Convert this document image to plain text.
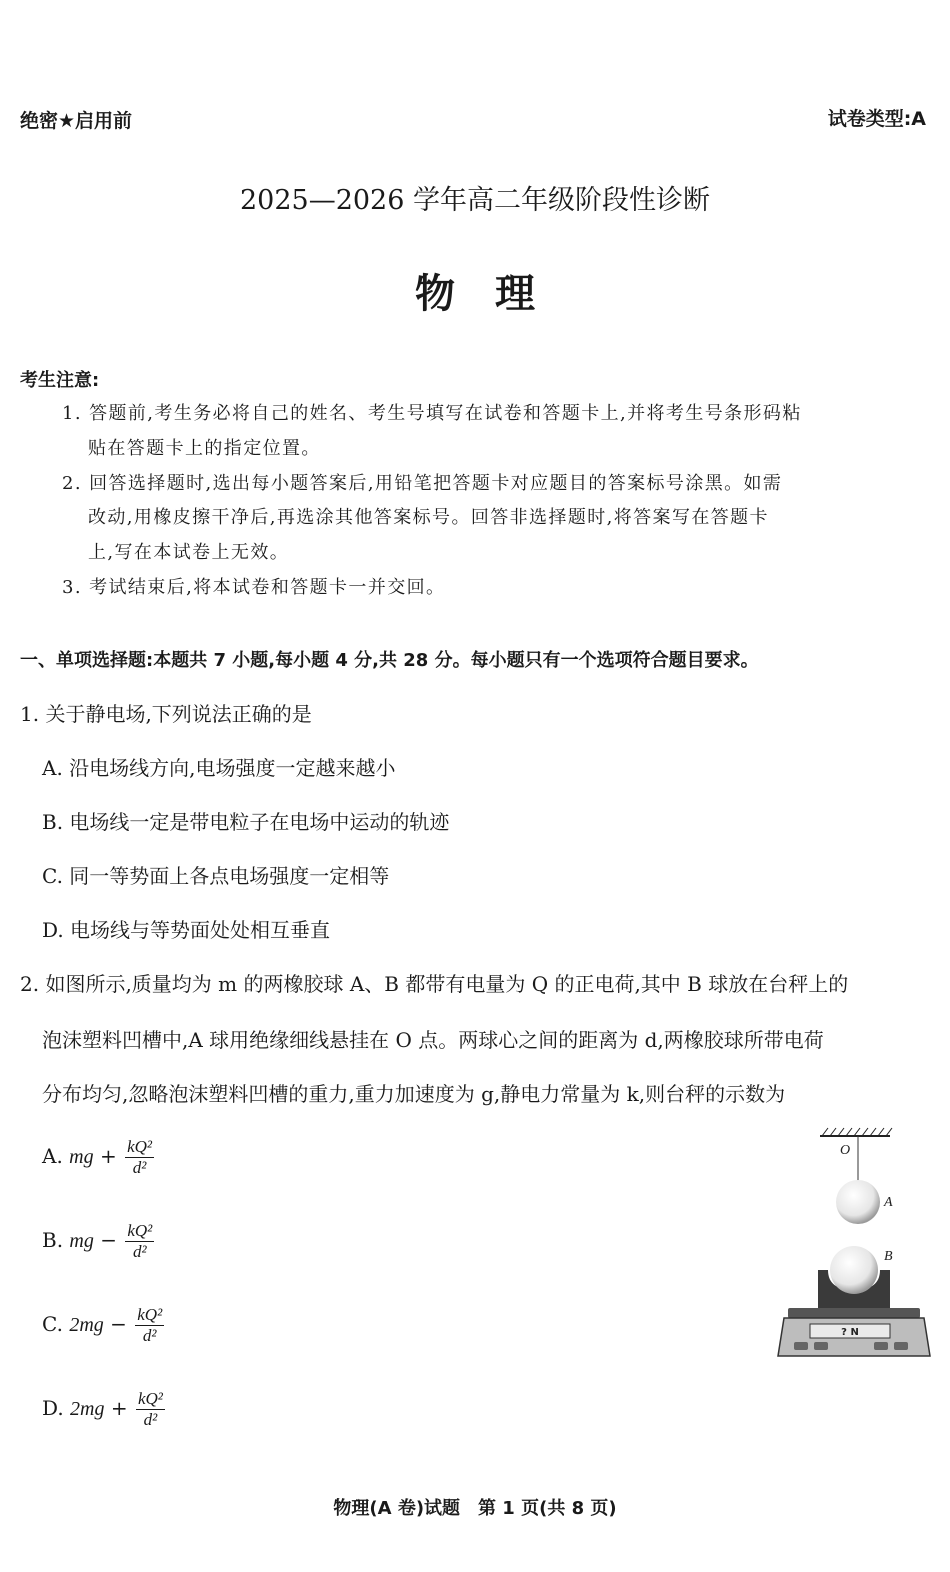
绝密★启用前	试卷类型:A
2025—2026 学年高二年级阶段性诊断
物　理
考生注意:
1. 答题前,考生务必将自己的姓名、考生号填写在试卷和答题卡上,并将考生号条形码粘
贴在答题卡上的指定位置。
2. 回答选择题时,选出每小题答案后,用铅笔把答题卡对应题目的答案标号涂黑。如需
改动,用橡皮擦干净后,再选涂其他答案标号。回答非选择题时,将答案写在答题卡
上,写在本试卷上无效。
3. 考试结束后,将本试卷和答题卡一并交回。
一、单项选择题:本题共 7 小题,每小题 4 分,共 28 分。每小题只有一个选项符合题目要求。
1. 关于静电场,下列说法正确的是
A. 沿电场线方向,电场强度一定越来越小
B. 电场线一定是带电粒子在电场中运动的轨迹
C. 同一等势面上各点电场强度一定相等
D. 电场线与等势面处处相互垂直
2. 如图所示,质量均为 m 的两橡胶球 A、B 都带有电量为 Q 的正电荷,其中 B 球放在台秤上的
泡沫塑料凹槽中,A 球用绝缘细线悬挂在 O 点。两球心之间的距离为 d,两橡胶球所带电荷
分布均匀,忽略泡沫塑料凹槽的重力,重力加速度为 g,静电力常量为 k,则台秤的示数为
A. mg + $\frac{\text{kQ²}}{\text{d²}}$
B. mg − $\frac{\text{kQ²}}{\text{d²}}$
C. $2mg - \frac{\text{kQ²}}{\text{d²}}$
D. $2mg + \frac{\text{kQ²}}{\text{d²}}$
O
A
B
? N
物理(A 卷)试题　第 1 页(共 8 页)
